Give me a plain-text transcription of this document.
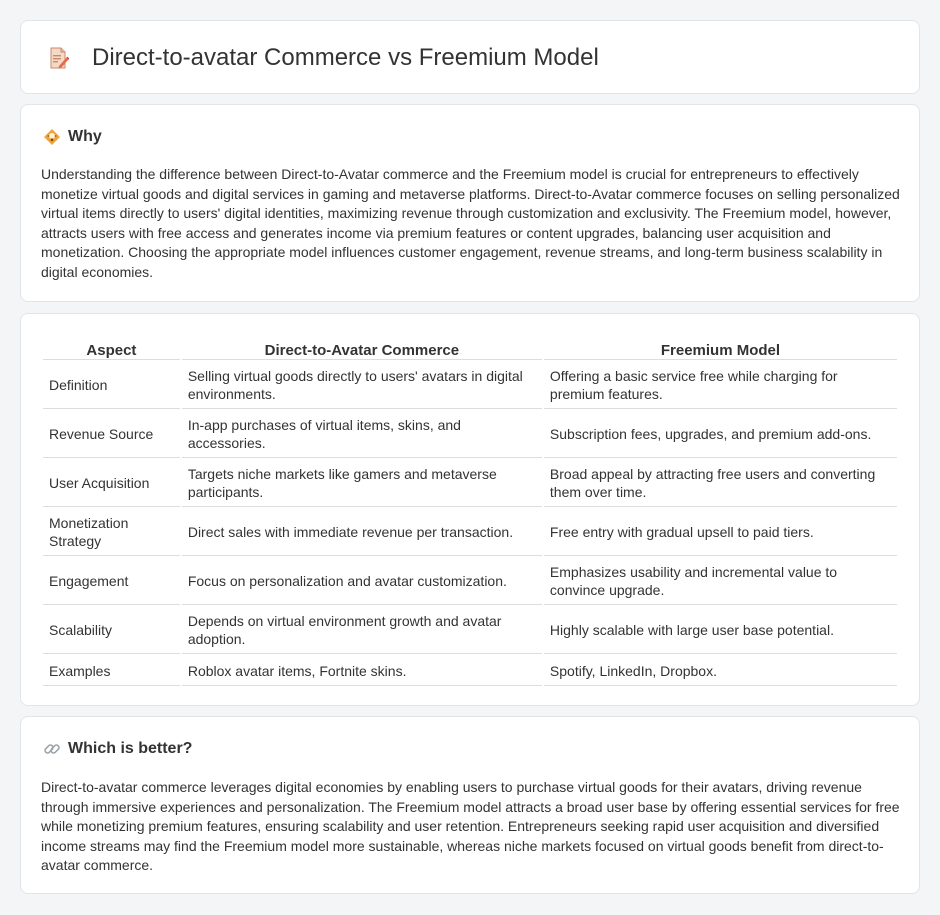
Direct-to-avatar Commerce vs Freemium Model
Why

Understanding the difference between Direct-to-Avatar commerce and the Freemium model is crucial for entrepreneurs to effectively monetize virtual goods and digital services in gaming and metaverse platforms. Direct-to-Avatar commerce focuses on selling personalized virtual items directly to users' digital identities, maximizing revenue through customization and exclusivity. The Freemium model, however, attracts users with free access and generates income via premium features or content upgrades, balancing user acquisition and monetization. Choosing the appropriate model influences customer engagement, revenue streams, and long-term business scalability in digital economies.

Aspect	Direct-to-Avatar Commerce	Freemium Model
Definition	Selling virtual goods directly to users' avatars in digital environments.	Offering a basic service free while charging for premium features.
Revenue Source	In-app purchases of virtual items, skins, and accessories.	Subscription fees, upgrades, and premium add-ons.
User Acquisition	Targets niche markets like gamers and metaverse participants.	Broad appeal by attracting free users and converting them over time.
Monetization Strategy	Direct sales with immediate revenue per transaction.	Free entry with gradual upsell to paid tiers.
Engagement	Focus on personalization and avatar customization.	Emphasizes usability and incremental value to convince upgrade.
Scalability	Depends on virtual environment growth and avatar adoption.	Highly scalable with large user base potential.
Examples	Roblox avatar items, Fortnite skins.	Spotify, LinkedIn, Dropbox.
Which is better?

Direct-to-avatar commerce leverages digital economies by enabling users to purchase virtual goods for their avatars, driving revenue through immersive experiences and personalization. The Freemium model attracts a broad user base by offering essential services for free while monetizing premium features, ensuring scalability and user retention. Entrepreneurs seeking rapid user acquisition and diversified income streams may find the Freemium model more sustainable, whereas niche markets focused on virtual goods benefit from direct-to-avatar commerce.
